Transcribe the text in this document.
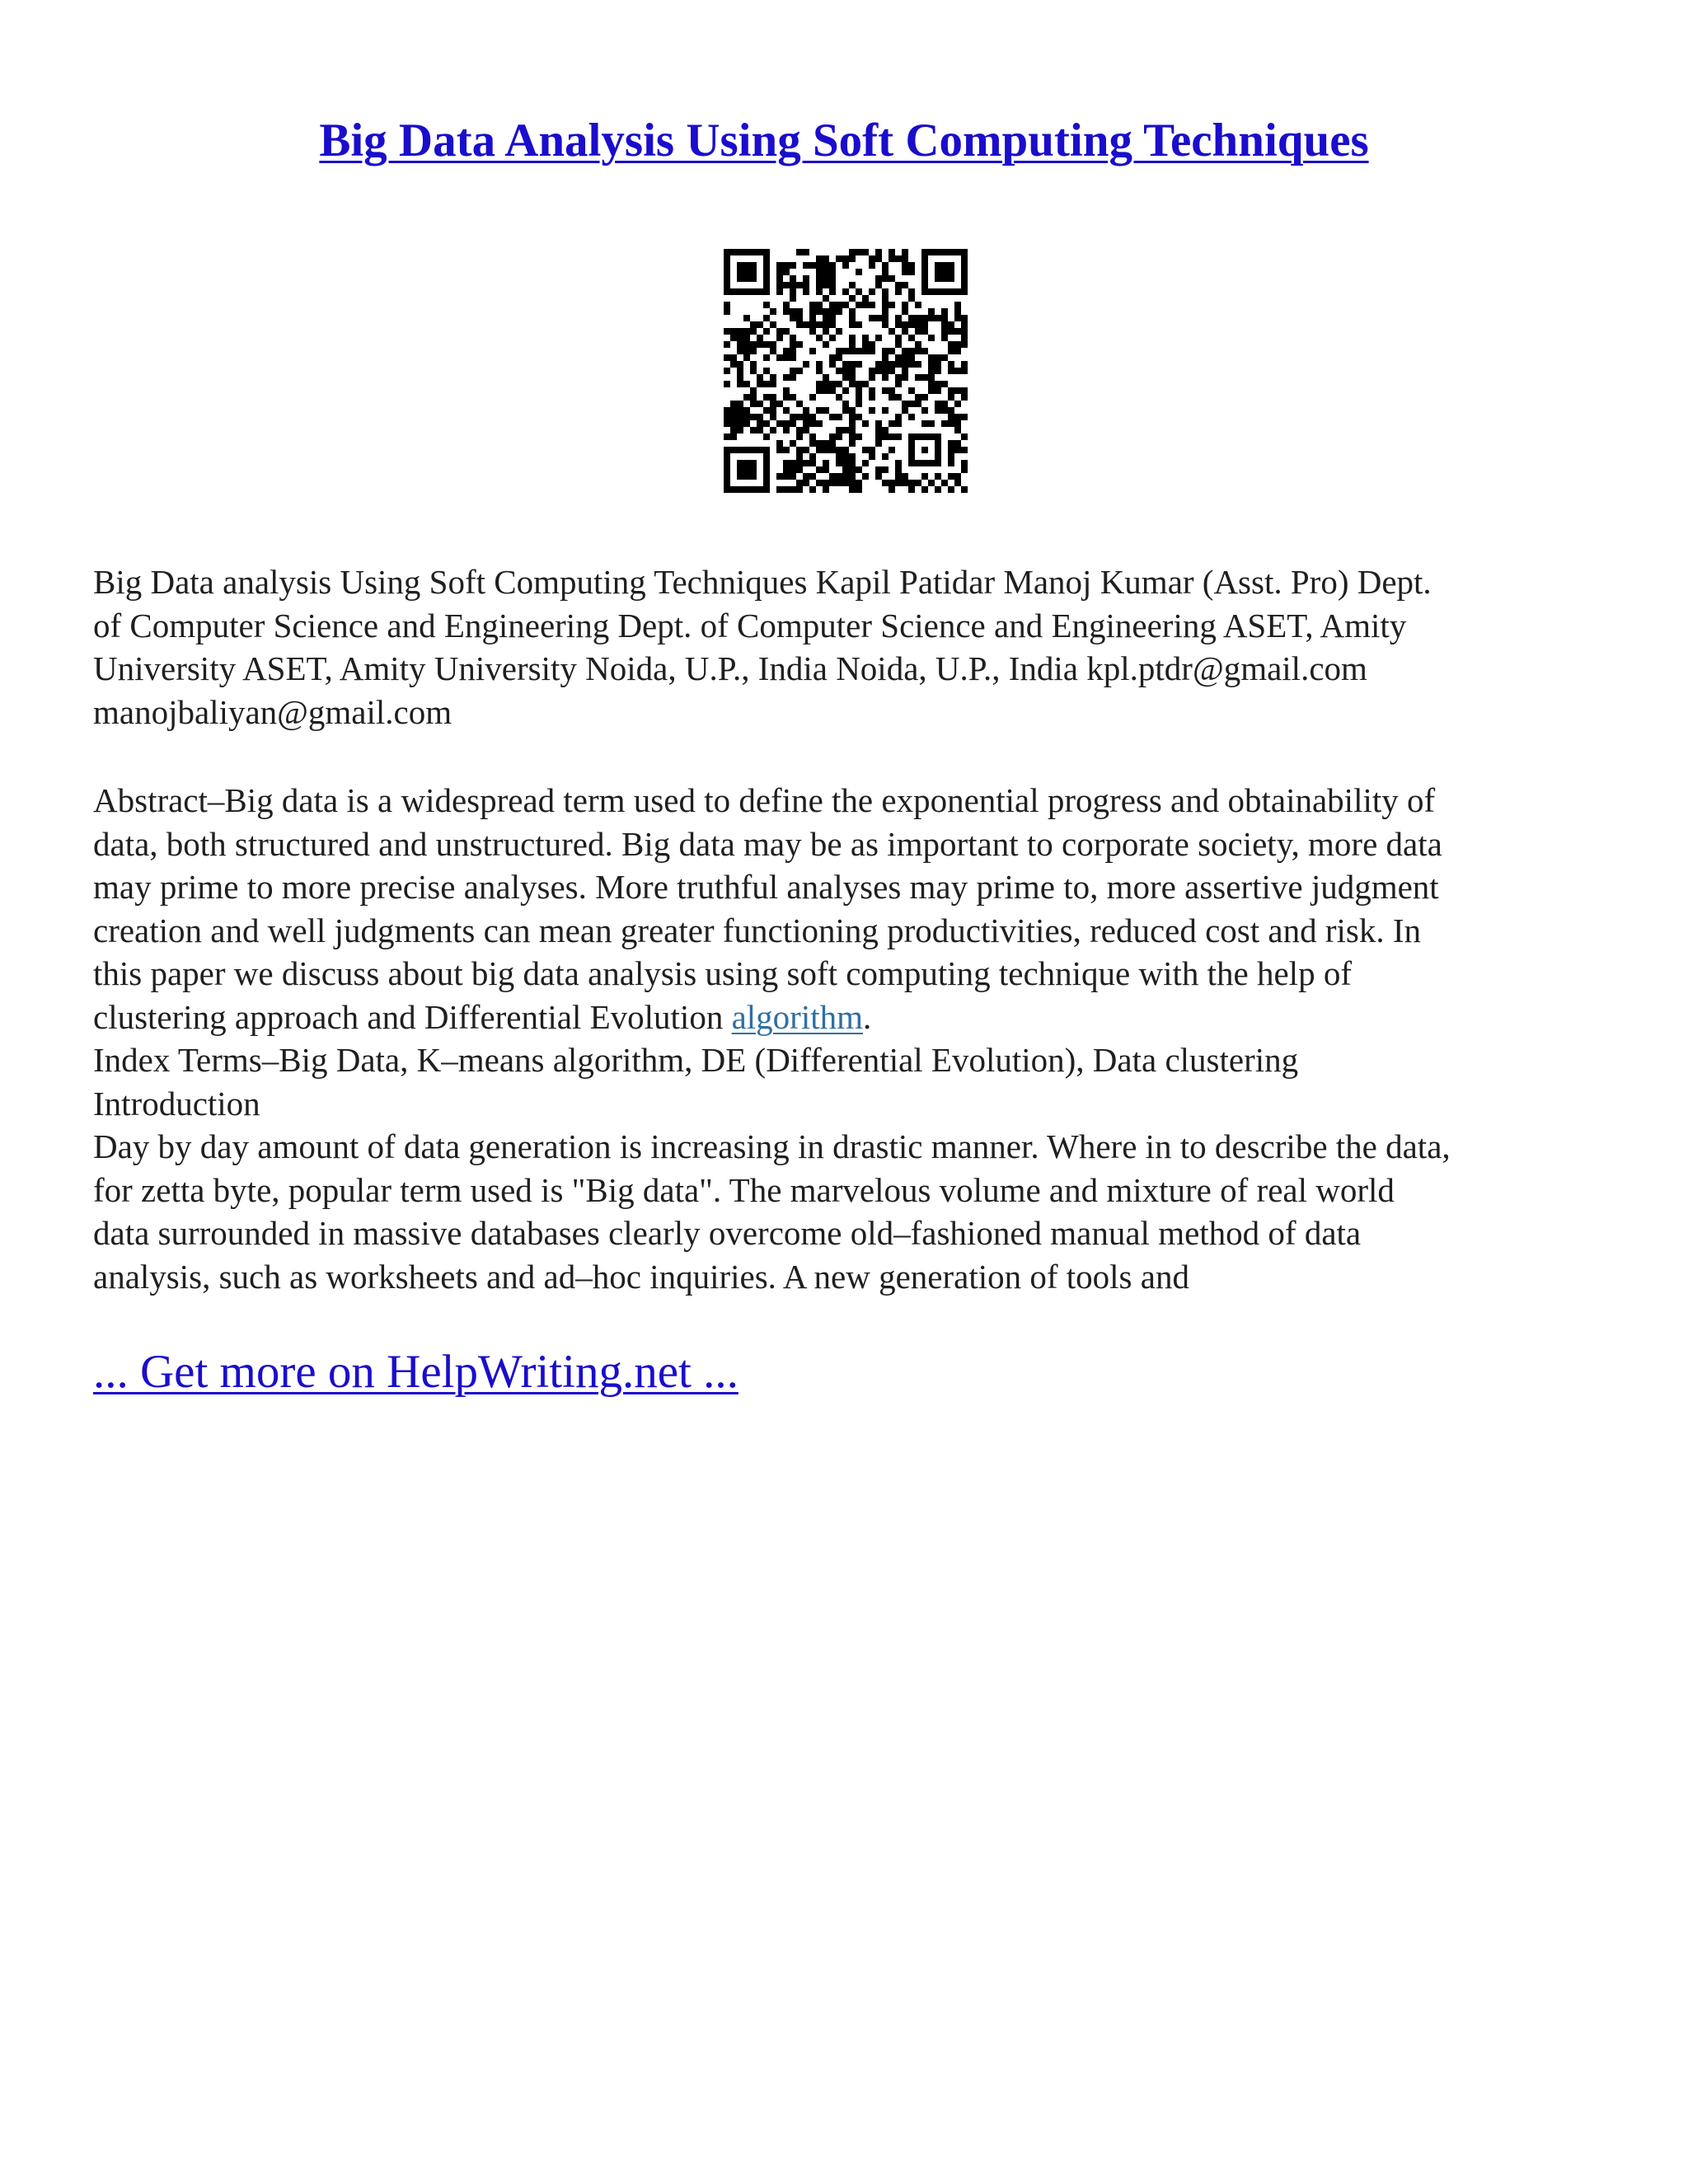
Big Data Analysis Using Soft Computing Techniques

Big Data analysis Using Soft Computing Techniques Kapil Patidar Manoj Kumar (Asst. Pro) Dept.
of Computer Science and Engineering Dept. of Computer Science and Engineering ASET, Amity
University ASET, Amity University Noida, U.P., India Noida, U.P., India kpl.ptdr@gmail.com
manojbaliyan@gmail.com

Abstract–Big data is a widespread term used to define the exponential progress and obtainability of
data, both structured and unstructured. Big data may be as important to corporate society, more data
may prime to more precise analyses. More truthful analyses may prime to, more assertive judgment
creation and well judgments can mean greater functioning productivities, reduced cost and risk. In
this paper we discuss about big data analysis using soft computing technique with the help of
clustering approach and Differential Evolution algorithm.
Index Terms–Big Data, K–means algorithm, DE (Differential Evolution), Data clustering
Introduction
Day by day amount of data generation is increasing in drastic manner. Where in to describe the data,
for zetta byte, popular term used is "Big data". The marvelous volume and mixture of real world
data surrounded in massive databases clearly overcome old–fashioned manual method of data
analysis, such as worksheets and ad–hoc inquiries. A new generation of tools and

... Get more on HelpWriting.net ...
